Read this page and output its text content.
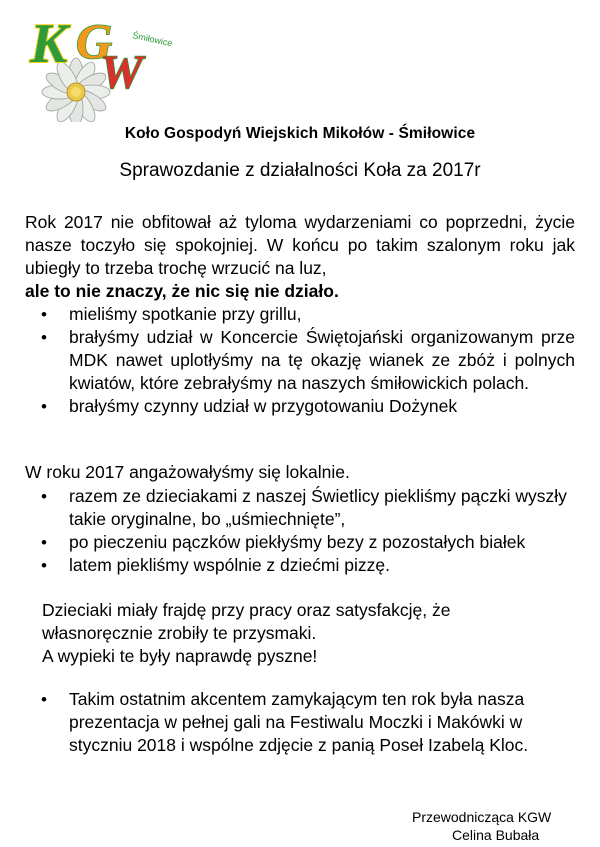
K G
W
Śmiłowice
Koło Gospodyń Wiejskich Mikołów - Śmiłowice
Sprawozdanie z działalności Koła za 2017r
Rok 2017 nie obfitował aż tyloma wydarzeniami co poprzedni, życie nasze toczyło się spokojniej. W końcu po takim szalonym roku jak ubiegły to trzeba trochę wrzucić na luz,
ale to nie znaczy, że nic się nie działo.
• mieliśmy spotkanie przy grillu,
• brałyśmy udział w Koncercie Świętojański organizowanym prze MDK nawet uplotłyśmy na tę okazję wianek ze zbóż i polnych kwiatów, które zebrałyśmy na naszych śmiłowickich polach.
• brałyśmy czynny udział w przygotowaniu Dożynek
W roku 2017 angażowałyśmy się lokalnie.
• razem ze dzieciakami z naszej Świetlicy piekliśmy pączki wyszły takie oryginalne, bo „uśmiechnięte”,
• po pieczeniu pączków piekłyśmy bezy z pozostałych białek
• latem piekliśmy wspólnie z dziećmi pizzę.
Dzieciaki miały frajdę przy pracy oraz satysfakcję, że
własnoręcznie zrobiły te przysmaki.
A wypieki te były naprawdę pyszne!
• Takim ostatnim akcentem zamykającym ten rok była nasza prezentacja w pełnej gali na Festiwalu Moczki i Makówki w styczniu 2018 i wspólne zdjęcie z panią Poseł Izabelą Kloc.
Przewodnicząca KGW
Celina Bubała
